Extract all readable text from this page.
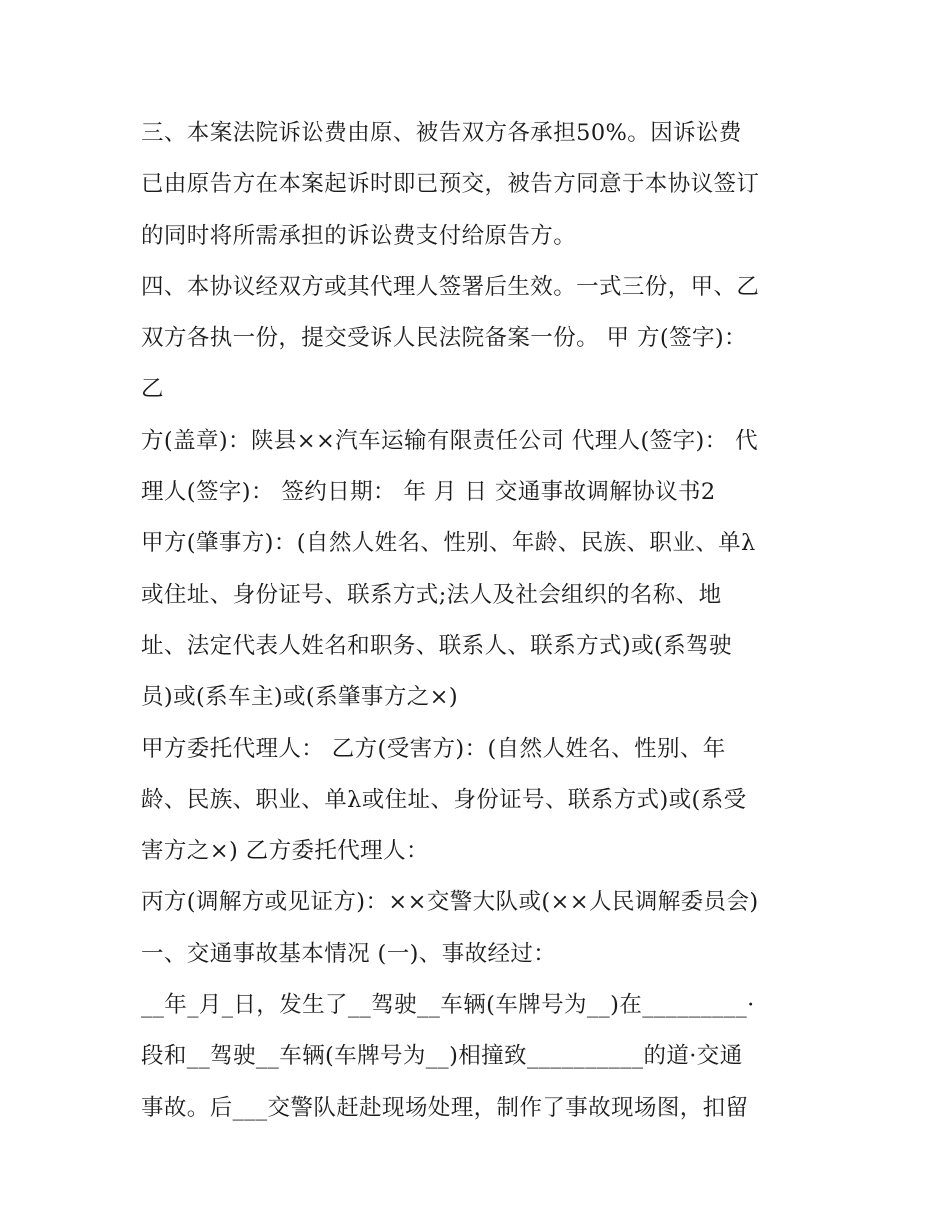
三、本案法院诉讼费由原、被告双方各承担50%。因诉讼费
已由原告方在本案起诉时即已预交，被告方同意于本协议签订
的同时将所需承担的诉讼费支付给原告方。
四、本协议经双方或其代理人签署后生效。一式三份，甲、乙
双方各执一份，提交受诉人民法院备案一份。 甲 方(签字)：
乙
方(盖章)：陕县××汽车运输有限责任公司 代理人(签字)： 代
理人(签字)： 签约日期： 年 月 日 交通事故调解协议书2
甲方(肇事方)：(自然人姓名、性别、年龄、民族、职业、单λ
或住址、身份证号、联系方式;法人及社会组织的名称、地
址、法定代表人姓名和职务、联系人、联系方式)或(系驾驶
员)或(系车主)或(系肇事方之×)
甲方委托代理人： 乙方(受害方)：(自然人姓名、性别、年
龄、民族、职业、单λ或住址、身份证号、联系方式)或(系受
害方之×) 乙方委托代理人：
丙方(调解方或见证方)：××交警大队或(××人民调解委员会)
一、交通事故基本情况 (一)、事故经过：
__年_月_日，发生了__驾驶__车辆(车牌号为__)在_________·
段和__驾驶__车辆(车牌号为__)相撞致__________的道·交通
事故。后___交警队赶赴现场处理，制作了事故现场图，扣留
